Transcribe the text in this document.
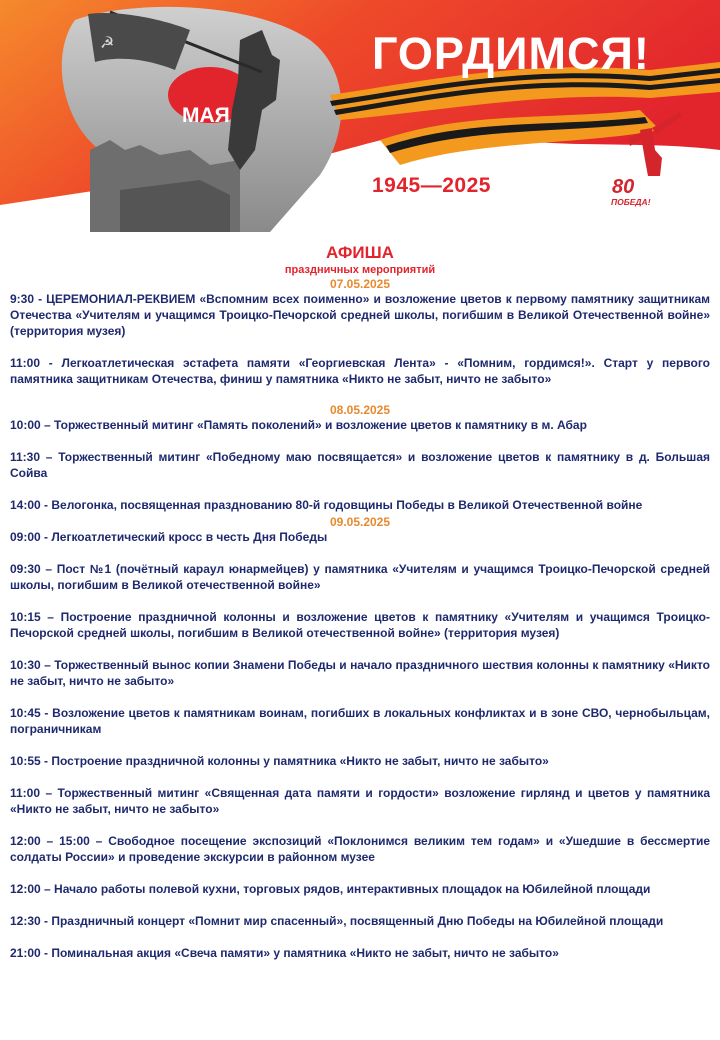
☭
МАЯ
ГОРДИМСЯ!
1945—2025	80
ПОБЕДА!

АФИША

праздничных мероприятий

07.05.2025

9:30 - ЦЕРЕМОНИАЛ-РЕКВИЕМ «Вспомним всех поименно» и возложение цветов к первому памятнику защитникам Отечества «Учителям и учащимся Троицко-Печорской средней школы, погибшим в Великой Отечественной войне» (территория музея)

11:00 - Легкоатлетическая эстафета памяти «Георгиевская Лента» - «Помним, гордимся!». Старт у первого памятника защитникам Отечества, финиш у памятника «Никто не забыт, ничто не забыто»

08.05.2025

10:00 – Торжественный митинг «Память поколений» и возложение цветов к памятнику в м. Абар

11:30 – Торжественный митинг «Победному маю посвящается» и возложение цветов к памятнику в д. Большая Сойва

14:00 - Велогонка, посвященная празднованию 80-й годовщины Победы в Великой Отечественной войне

09.05.2025

09:00 - Легкоатлетический кросс в честь Дня Победы

09:30 – Пост №1 (почётный караул юнармейцев) у памятника «Учителям и учащимся Троицко-Печорской средней школы, погибшим в Великой отечественной войне»

10:15 – Построение праздничной колонны и возложение цветов к памятнику «Учителям и учащимся Троицко-Печорской средней школы, погибшим в Великой отечественной войне» (территория музея)

10:30 – Торжественный вынос копии Знамени Победы и начало праздничного шествия колонны к памятнику «Никто не забыт, ничто не забыто»

10:45 - Возложение цветов к памятникам воинам, погибших в локальных конфликтах и в зоне СВО, чернобыльцам, пограничникам

10:55 - Построение праздничной колонны у памятника «Никто не забыт, ничто не забыто»

11:00 – Торжественный митинг «Священная дата памяти и гордости» возложение гирлянд и цветов у памятника «Никто не забыт, ничто не забыто»

12:00 – 15:00 – Свободное посещение экспозиций «Поклонимся великим тем годам» и «Ушедшие в бессмертие солдаты России» и проведение экскурсии в районном музее

12:00 – Начало работы полевой кухни, торговых рядов, интерактивных площадок на Юбилейной площади

12:30 - Праздничный концерт «Помнит мир спасенный», посвященный Дню Победы на Юбилейной площади

21:00 - Поминальная акция «Свеча памяти» у памятника «Никто не забыт, ничто не забыто»
